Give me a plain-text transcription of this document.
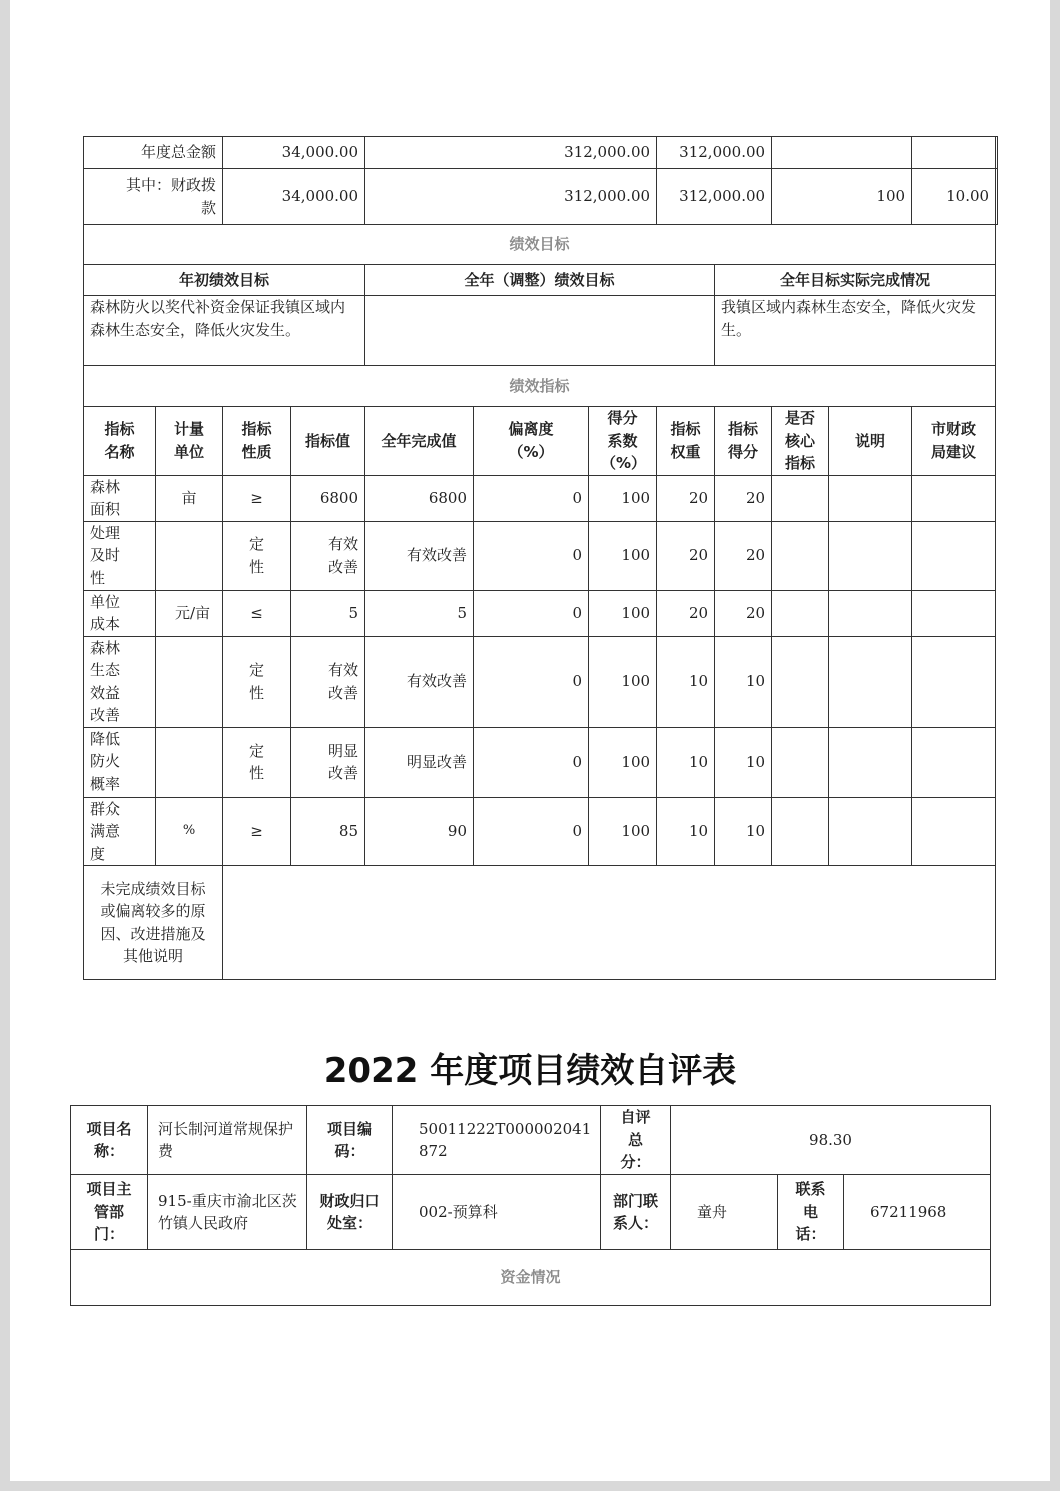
年度总金额		34,000.00		312,000.00			312,000.00					
其中：财政拨款		34,000.00		312,000.00			312,000.00		100		10.00	
绩效目标												
年初绩效目标				全年（调整）绩效目标				全年目标实际完成情况				
森林防火以奖代补资金保证我镇区域内森林生态安全，降低火灾发生。								我镇区域内森林生态安全，降低火灾发生。				
绩效指标												
指标名称	计量单位	指标性质	指标值	全年完成值	偏离度（%）	得分系数（%）	指标权重	指标得分	是否核心指标	说明	市财政局建议	
森林面积	亩	≥	6800	6800	0	100	20	20				
处理及时性		定性	有效改善	有效改善	0	100	20	20				
单位成本	元/亩	≤	5	5	0	100	20	20				
森林生态效益改善		定性	有效改善	有效改善	0	100	10	10				
降低防火概率		定性	明显改善	明显改善	0	100	10	10				
群众满意度	%	≥	85	90	0	100	10	10				
未完成绩效目标或偏离较多的原因、改进措施及其他说明												
2022 年度项目绩效自评表
项目名称：	河长制河道常规保护费	项目编码：	50011222T000002041872	自评总分：	98.30		
项目主管部门：	915-重庆市渝北区茨竹镇人民政府	财政归口处室：	002-预算科	部门联系人：	童舟	联系电话：	67211968
资金情况							
